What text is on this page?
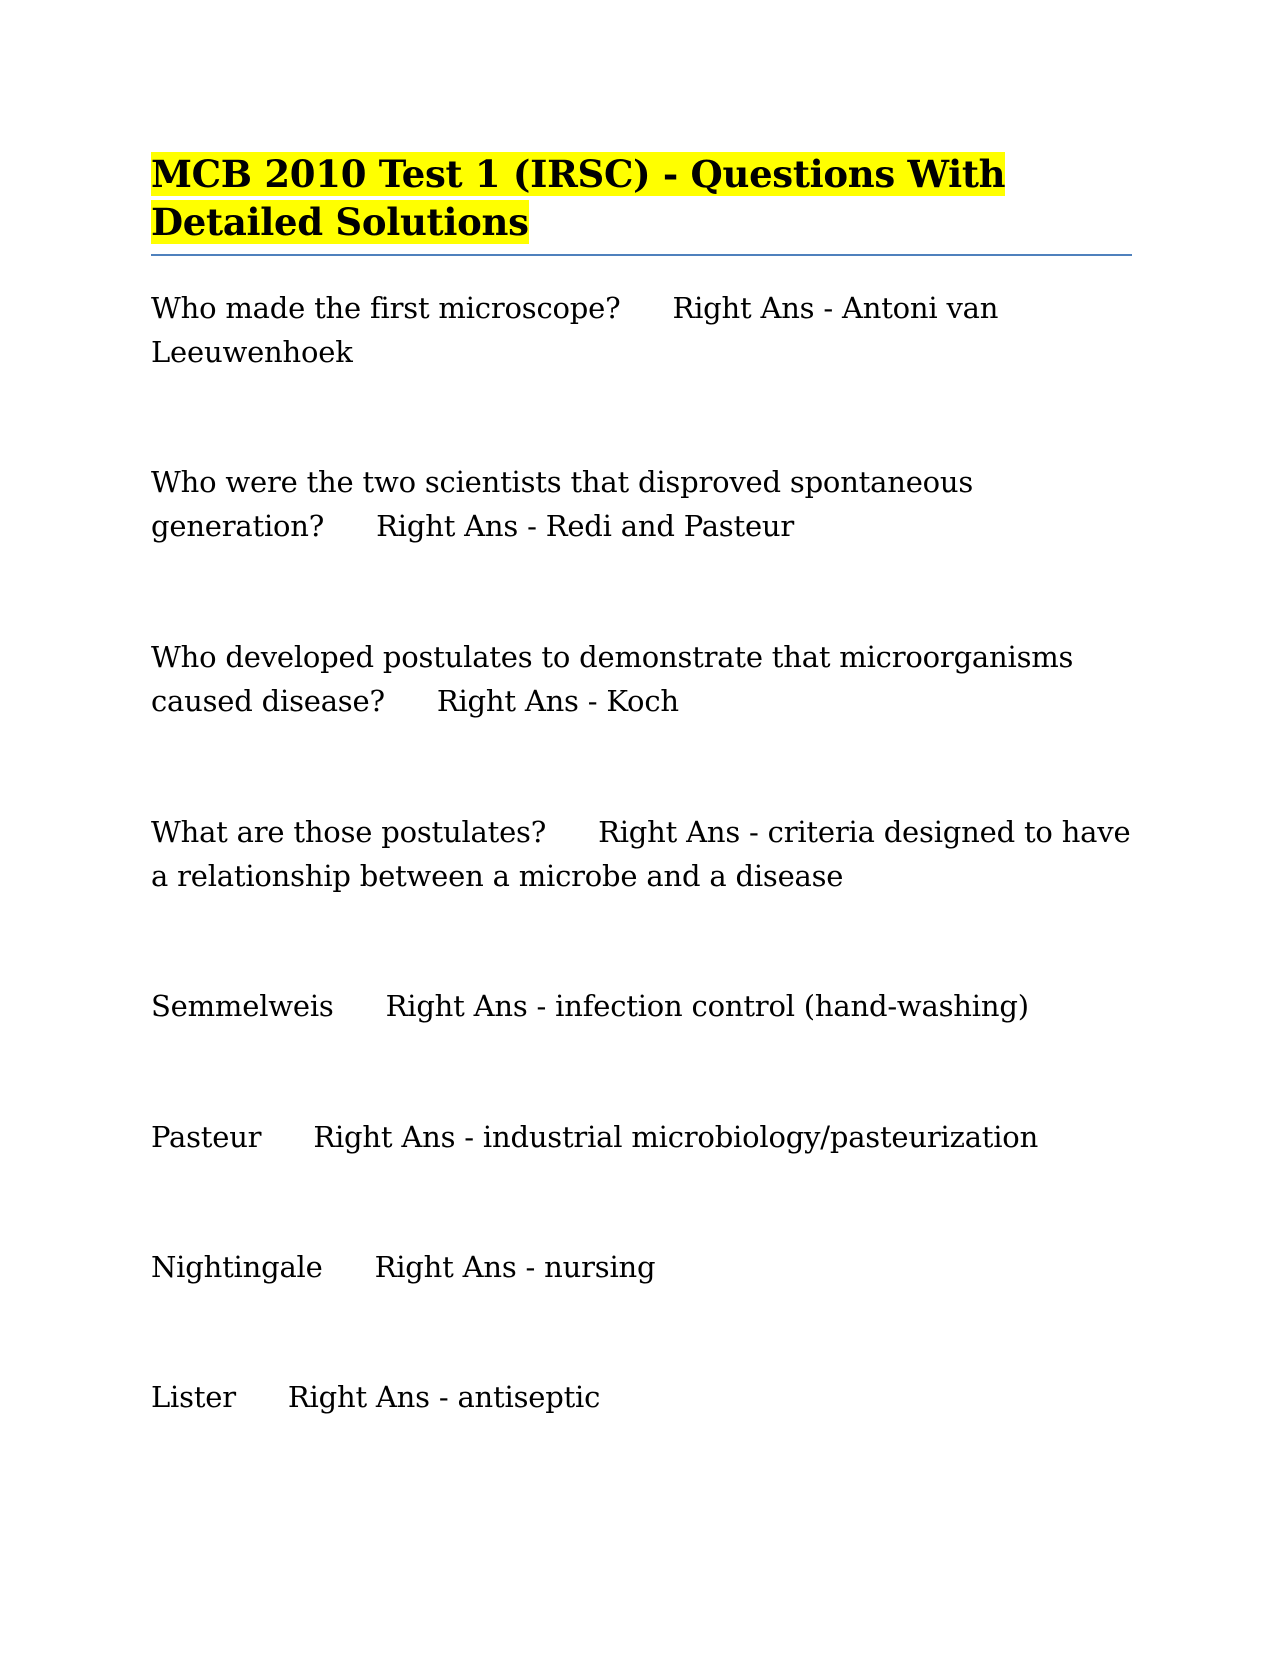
MCB 2010 Test 1 (IRSC) - Questions With Detailed Solutions
Who made the first microscope? Right Ans - Antoni van Leeuwenhoek
Who were the two scientists that disproved spontaneous generation? Right Ans - Redi and Pasteur
Who developed postulates to demonstrate that microorganisms caused disease? Right Ans - Koch
What are those postulates? Right Ans - criteria designed to have a relationship between a microbe and a disease
Semmelweis Right Ans - infection control (hand-washing)
Pasteur Right Ans - industrial microbiology/pasteurization
Nightingale Right Ans - nursing
Lister Right Ans - antiseptic
